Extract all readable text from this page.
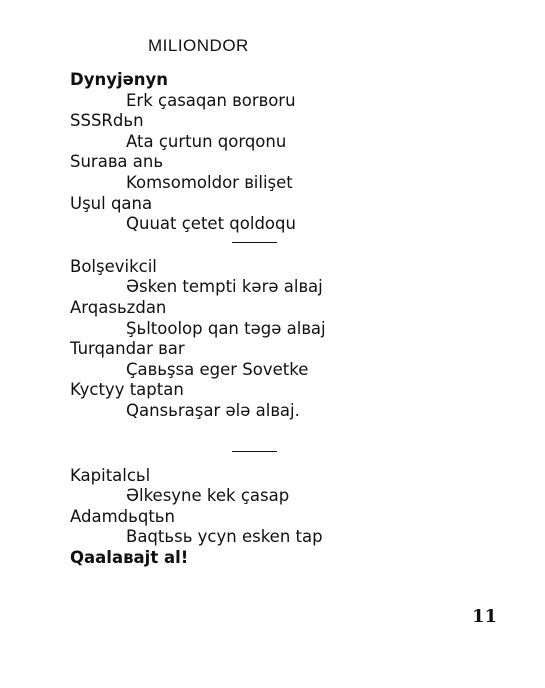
MILIONDOR
Dynyjənyn
Erk çasaqan ʙorʙoru
SSSRdьn
Ata çurtun qorqonu
Suraʙa anь
Komsomoldor ʙilişet
Uşul qana
Quuat çetet qoldoqu
Bolşevikcil
Əsken tempti kərə alʙaj
Arqasьzdan
Şьltoolop qan təgə alʙaj
Turqandar ʙar
Çaʙьşsa eger Sovetke
Kyctyy taptan
Qansьraşar ələ alʙaj.
Kapitalcьl
Əlkesyne kek çasap
Adamdьqtьn
Baqtьsь ycyn esken tap
Qaalaʙajt al!
11
